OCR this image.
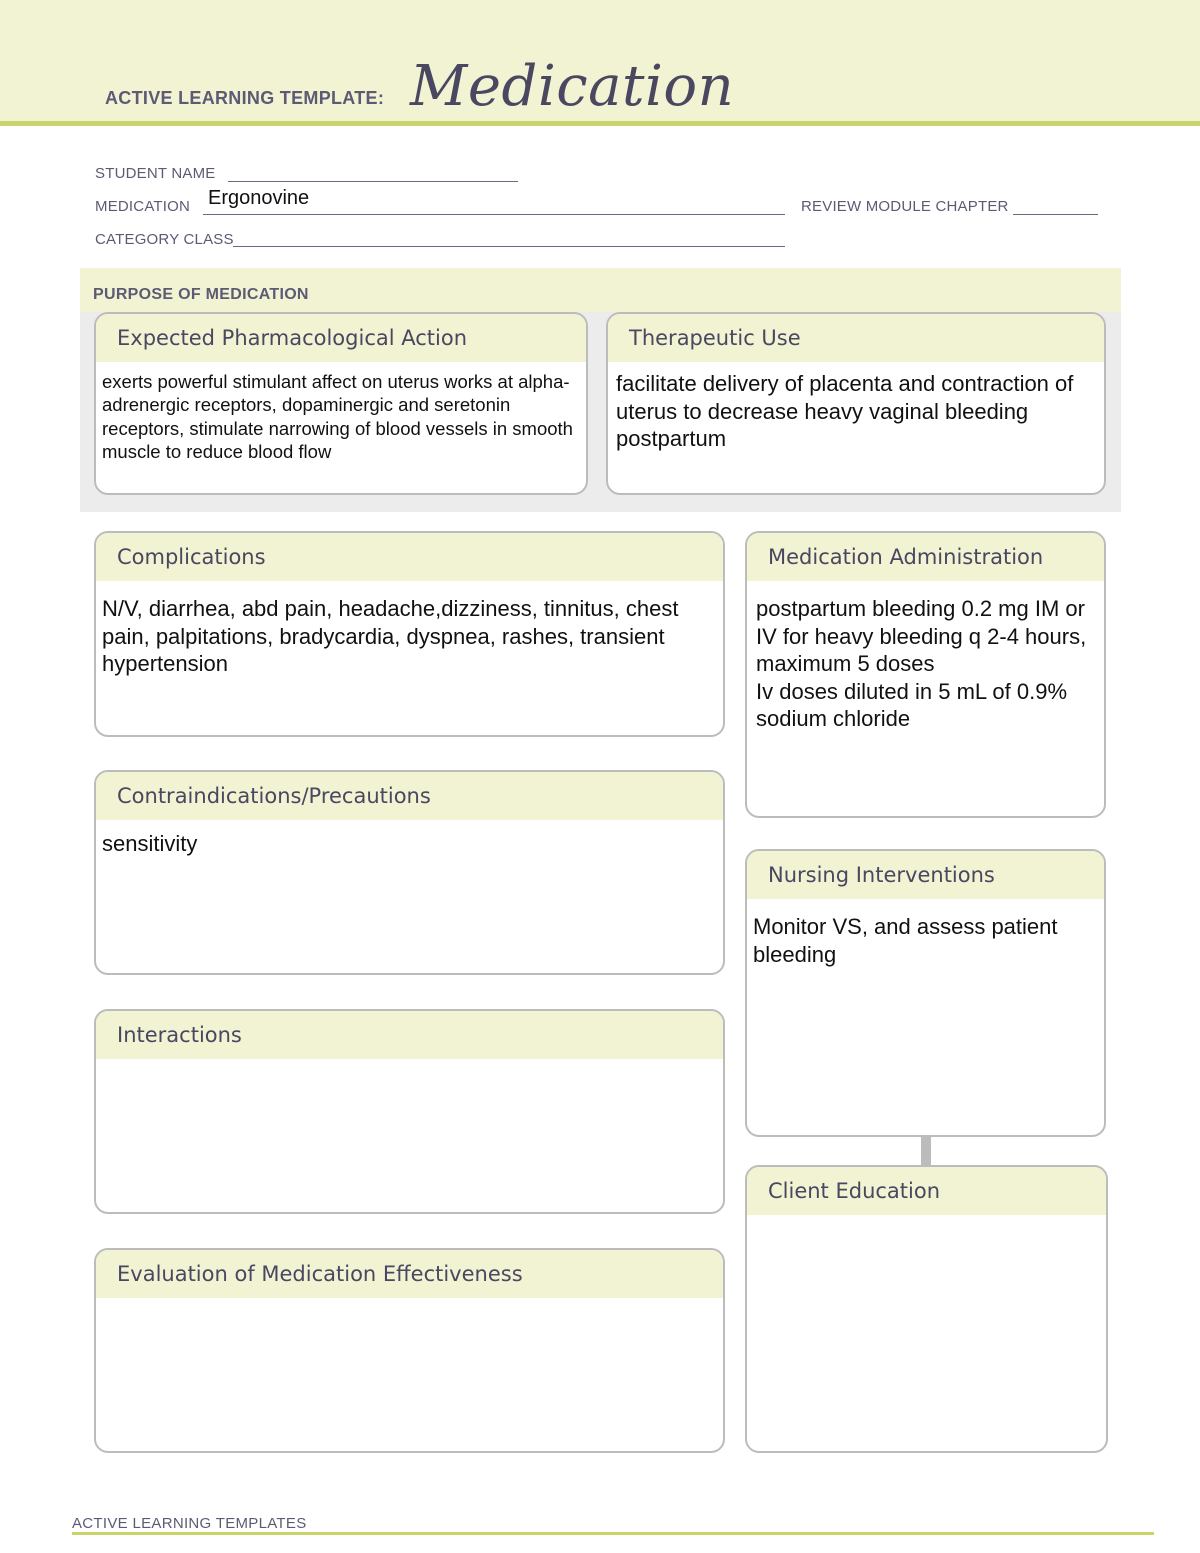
ACTIVE LEARNING TEMPLATE: Medication
STUDENT NAME
MEDICATION Ergonovine	REVIEW MODULE CHAPTER
CATEGORY CLASS
PURPOSE OF MEDICATION
Expected Pharmacological Action
exerts powerful stimulant affect on uterus works at alpha-adrenergic receptors, dopaminergic and seretonin receptors, stimulate narrowing of blood vessels in smooth muscle to reduce blood flow
Therapeutic Use
facilitate delivery of placenta and contraction of uterus to decrease heavy vaginal bleeding postpartum
Complications
N/V, diarrhea, abd pain, headache,dizziness, tinnitus, chest pain, palpitations, bradycardia, dyspnea, rashes, transient hypertension
Contraindications/Precautions
sensitivity
Interactions
Evaluation of Medication Effectiveness
Medication Administration
postpartum bleeding 0.2 mg IM or IV for heavy bleeding q 2-4 hours, maximum 5 doses
Iv doses diluted in 5 mL of 0.9% sodium chloride
Nursing Interventions
Monitor VS, and assess patient bleeding
Client Education
ACTIVE LEARNING TEMPLATES
